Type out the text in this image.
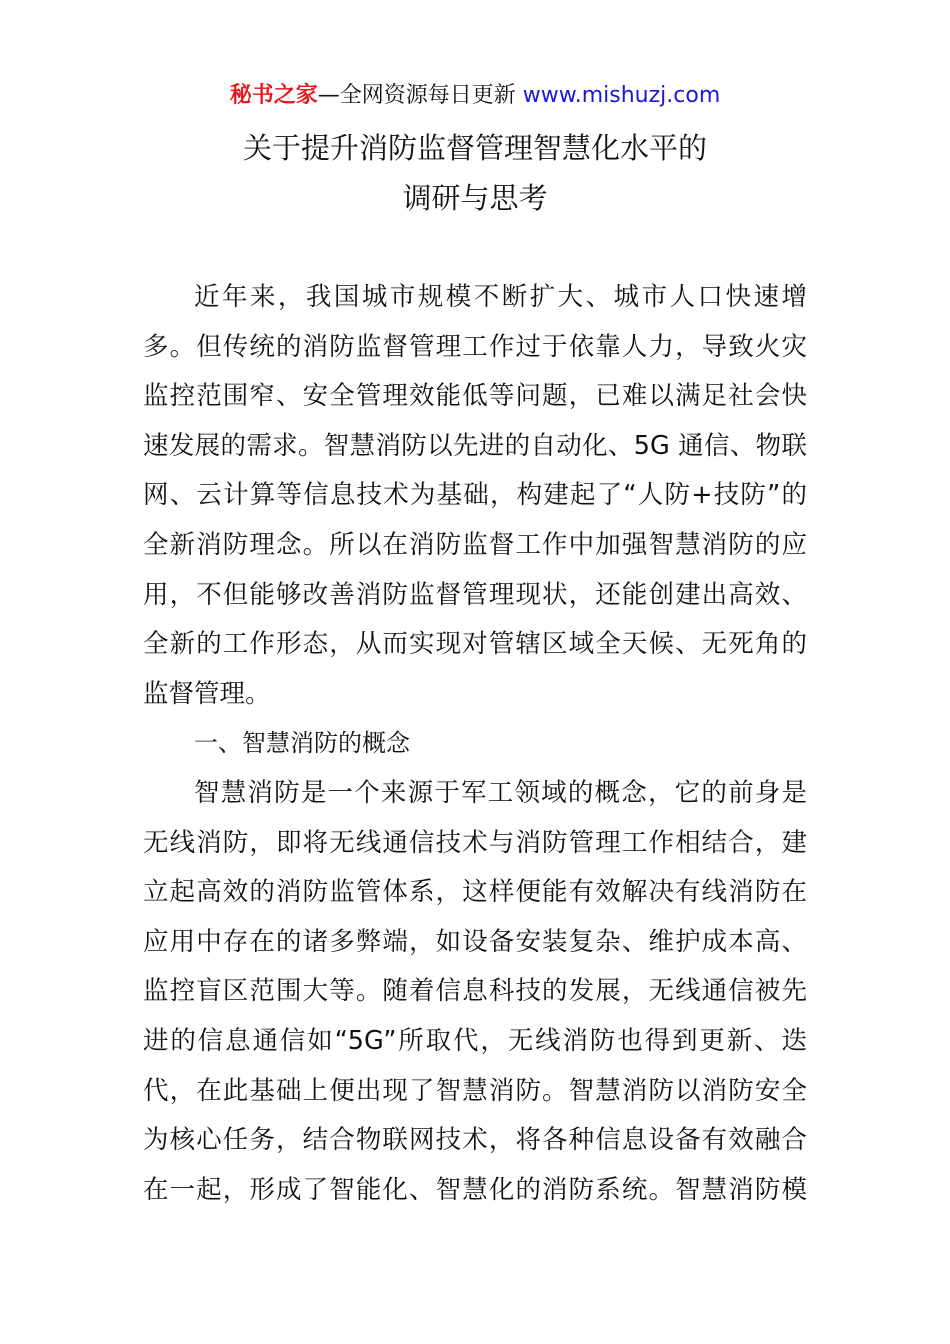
秘书之家—全网资源每日更新 www.mishuzj.com
关于提升消防监督管理智慧化水平的
调研与思考
近年来，我国城市规模不断扩大、城市人口快速增
多。但传统的消防监督管理工作过于依靠人力，导致火灾
监控范围窄、安全管理效能低等问题，已难以满足社会快
速发展的需求。智慧消防以先进的自动化、5G 通信、物联
网、云计算等信息技术为基础，构建起了“人防+技防”的
全新消防理念。所以在消防监督工作中加强智慧消防的应
用，不但能够改善消防监督管理现状，还能创建出高效、
全新的工作形态，从而实现对管辖区域全天候、无死角的
监督管理。
一、智慧消防的概念
智慧消防是一个来源于军工领域的概念，它的前身是
无线消防，即将无线通信技术与消防管理工作相结合，建
立起高效的消防监管体系，这样便能有效解决有线消防在
应用中存在的诸多弊端，如设备安装复杂、维护成本高、
监控盲区范围大等。随着信息科技的发展，无线通信被先
进的信息通信如“5G”所取代，无线消防也得到更新、迭
代，在此基础上便出现了智慧消防。智慧消防以消防安全
为核心任务，结合物联网技术，将各种信息设备有效融合
在一起，形成了智能化、智慧化的消防系统。智慧消防模
